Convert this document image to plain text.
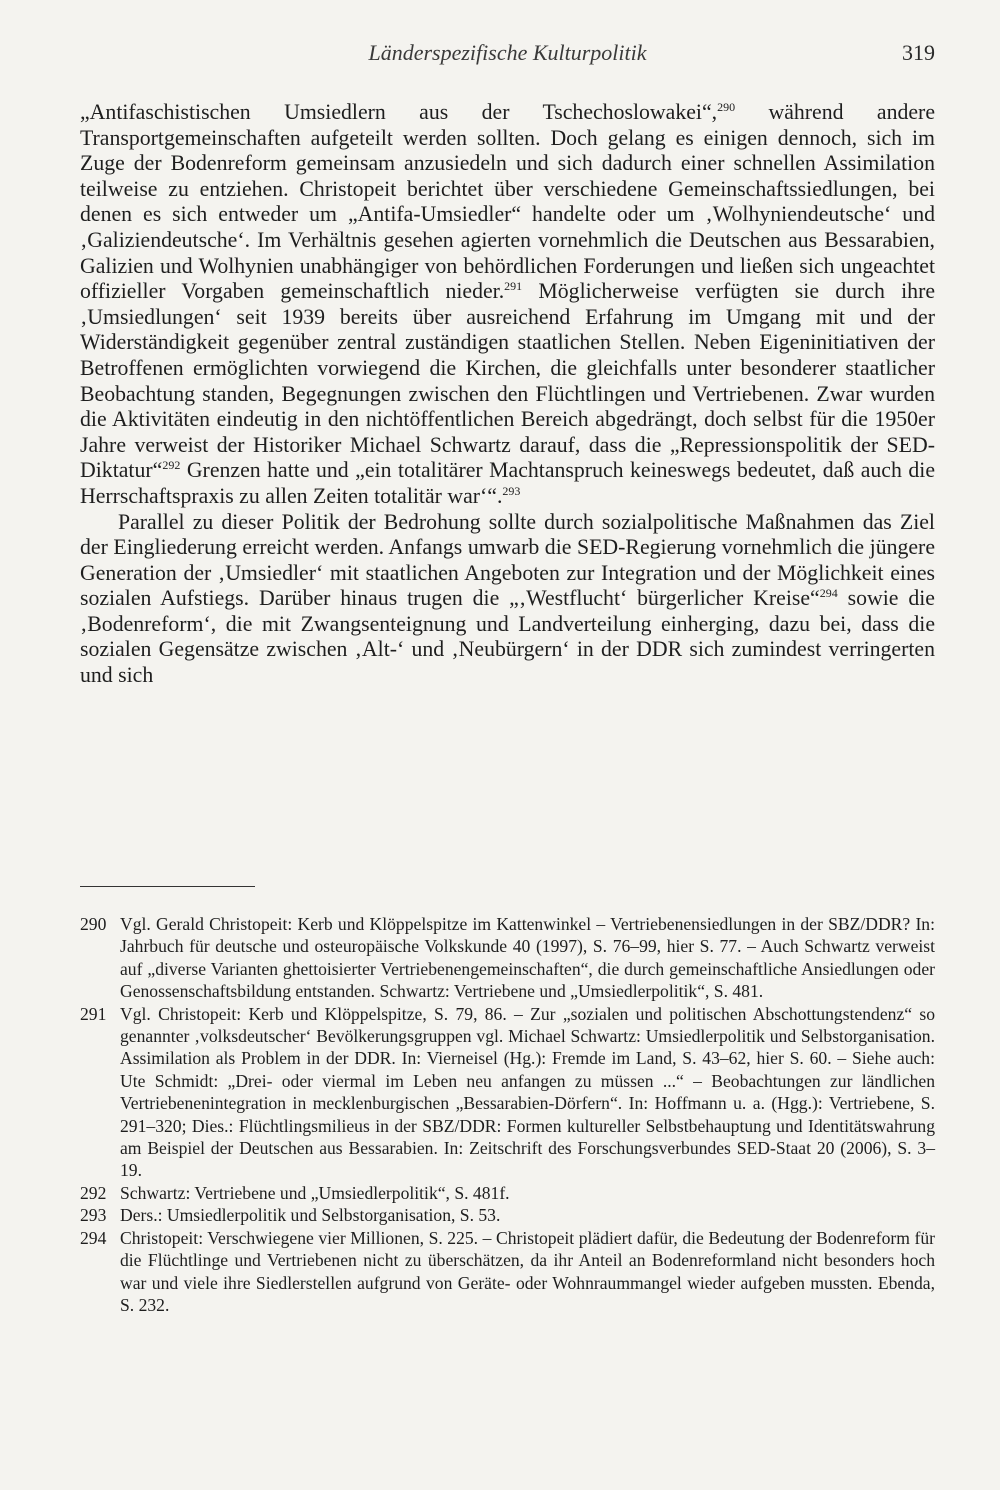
Länderspezifische Kulturpolitik	319

„Antifaschistischen Umsiedlern aus der Tschechoslowakei“,$^{290}$ während andere Transportgemeinschaften aufgeteilt werden sollten. Doch gelang es einigen dennoch, sich im Zuge der Bodenreform gemeinsam anzusiedeln und sich dadurch einer schnellen Assimilation teilweise zu entziehen. Christopeit berichtet über verschiedene Gemeinschaftssiedlungen, bei denen es sich entweder um „Antifa-Umsiedler“ handelte oder um ‚Wolhyniendeutsche‘ und ‚Galiziendeutsche‘. Im Verhältnis gesehen agierten vornehmlich die Deutschen aus Bessarabien, Galizien und Wolhynien unabhängiger von behördlichen Forderungen und ließen sich ungeachtet offizieller Vorgaben gemeinschaftlich nieder.$^{291}$ Möglicherweise verfügten sie durch ihre ‚Umsiedlungen‘ seit 1939 bereits über ausreichend Erfahrung im Umgang mit und der Widerständigkeit gegenüber zentral zuständigen staatlichen Stellen. Neben Eigeninitiativen der Betroffenen ermöglichten vorwiegend die Kirchen, die gleichfalls unter besonderer staatlicher Beobachtung standen, Begegnungen zwischen den Flüchtlingen und Vertriebenen. Zwar wurden die Aktivitäten eindeutig in den nichtöffentlichen Bereich abgedrängt, doch selbst für die 1950er Jahre verweist der Historiker Michael Schwartz darauf, dass die „Repressionspolitik der SED-Diktatur“$^{292}$ Grenzen hatte und „ein totalitärer Machtanspruch keineswegs bedeutet, daß auch die Herrschaftspraxis zu allen Zeiten totalitär war‘“.$^{293}$

Parallel zu dieser Politik der Bedrohung sollte durch sozialpolitische Maßnahmen das Ziel der Eingliederung erreicht werden. Anfangs umwarb die SED-Regierung vornehmlich die jüngere Generation der ‚Umsiedler‘ mit staatlichen Angeboten zur Integration und der Möglichkeit eines sozialen Aufstiegs. Darüber hinaus trugen die „‚Westflucht‘ bürgerlicher Kreise“$^{294}$ sowie die ‚Bodenreform‘, die mit Zwangsenteignung und Landverteilung einherging, dazu bei, dass die sozialen Gegensätze zwischen ‚Alt-‘ und ‚Neubürgern‘ in der DDR sich zumindest verringerten und sich

290 Vgl. Gerald Christopeit: Kerb und Klöppelspitze im Kattenwinkel – Vertriebenensiedlungen in der SBZ/DDR? In: Jahrbuch für deutsche und osteuropäische Volkskunde 40 (1997), S. 76–99, hier S. 77. – Auch Schwartz verweist auf „diverse Varianten ghettoisierter Vertriebenengemeinschaften“, die durch gemeinschaftliche Ansiedlungen oder Genossenschaftsbildung entstanden. Schwartz: Vertriebene und „Umsiedlerpolitik“, S. 481.
291 Vgl. Christopeit: Kerb und Klöppelspitze, S. 79, 86. – Zur „sozialen und politischen Abschottungstendenz“ so genannter ‚volksdeutscher‘ Bevölkerungsgruppen vgl. Michael Schwartz: Umsiedlerpolitik und Selbstorganisation. Assimilation als Problem in der DDR. In: Vierneisel (Hg.): Fremde im Land, S. 43–62, hier S. 60. – Siehe auch: Ute Schmidt: „Drei- oder viermal im Leben neu anfangen zu müssen ...“ – Beobachtungen zur ländlichen Vertriebenenintegration in mecklenburgischen „Bessarabien-Dörfern“. In: Hoffmann u. a. (Hgg.): Vertriebene, S. 291–320; Dies.: Flüchtlingsmilieus in der SBZ/DDR: Formen kultureller Selbstbehauptung und Identitätswahrung am Beispiel der Deutschen aus Bessarabien. In: Zeitschrift des Forschungsverbundes SED-Staat 20 (2006), S. 3–19.
292 Schwartz: Vertriebene und „Umsiedlerpolitik“, S. 481f.
293 Ders.: Umsiedlerpolitik und Selbstorganisation, S. 53.
294 Christopeit: Verschwiegene vier Millionen, S. 225. – Christopeit plädiert dafür, die Bedeutung der Bodenreform für die Flüchtlinge und Vertriebenen nicht zu überschätzen, da ihr Anteil an Bodenreformland nicht besonders hoch war und viele ihre Siedlerstellen aufgrund von Geräte- oder Wohnraummangel wieder aufgeben mussten. Ebenda, S. 232.
